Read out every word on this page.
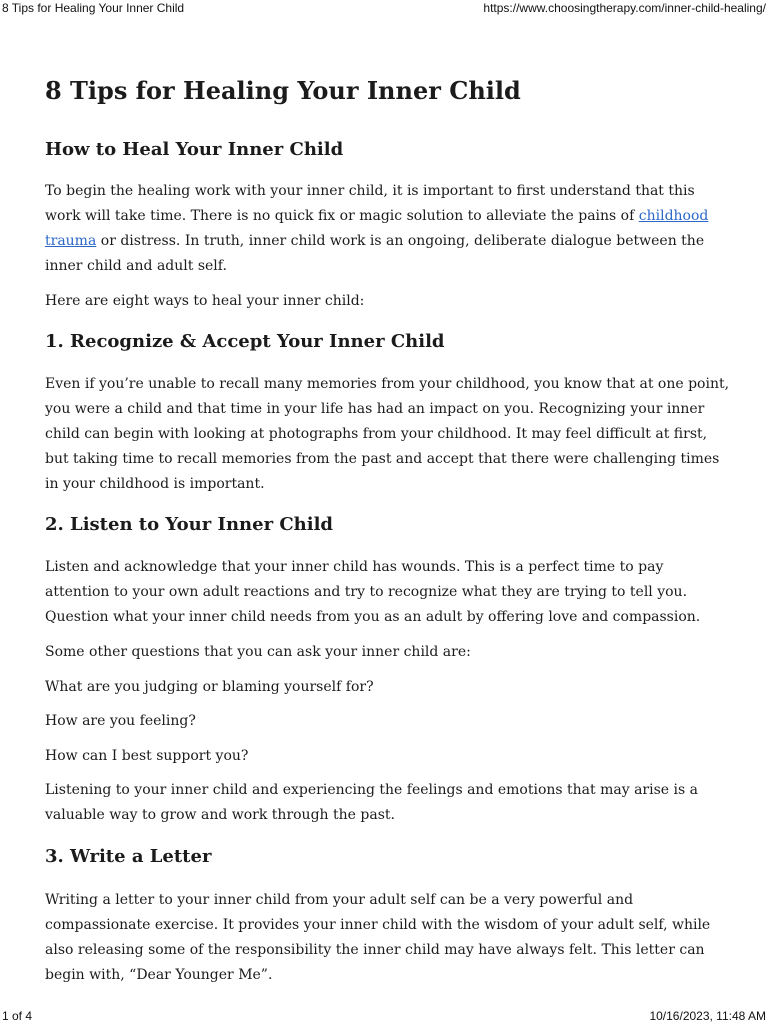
8 Tips for Healing Your Inner Child	https://www.choosingtherapy.com/inner-child-healing/
8 Tips for Healing Your Inner Child
How to Heal Your Inner Child

To begin the healing work with your inner child, it is important to first understand that this work will take time. There is no quick fix or magic solution to alleviate the pains of childhood trauma or distress. In truth, inner child work is an ongoing, deliberate dialogue between the inner child and adult self.

Here are eight ways to heal your inner child:

1. Recognize & Accept Your Inner Child

Even if you’re unable to recall many memories from your childhood, you know that at one point, you were a child and that time in your life has had an impact on you. Recognizing your inner child can begin with looking at photographs from your childhood. It may feel difficult at first, but taking time to recall memories from the past and accept that there were challenging times in your childhood is important.

2. Listen to Your Inner Child

Listen and acknowledge that your inner child has wounds. This is a perfect time to pay attention to your own adult reactions and try to recognize what they are trying to tell you. Question what your inner child needs from you as an adult by offering love and compassion.

Some other questions that you can ask your inner child are:

What are you judging or blaming yourself for?

How are you feeling?

How can I best support you?

Listening to your inner child and experiencing the feelings and emotions that may arise is a valuable way to grow and work through the past.

3. Write a Letter

Writing a letter to your inner child from your adult self can be a very powerful and compassionate exercise. It provides your inner child with the wisdom of your adult self, while also releasing some of the responsibility the inner child may have always felt. This letter can begin with, “Dear Younger Me”.

1 of 4	10/16/2023, 11:48 AM
